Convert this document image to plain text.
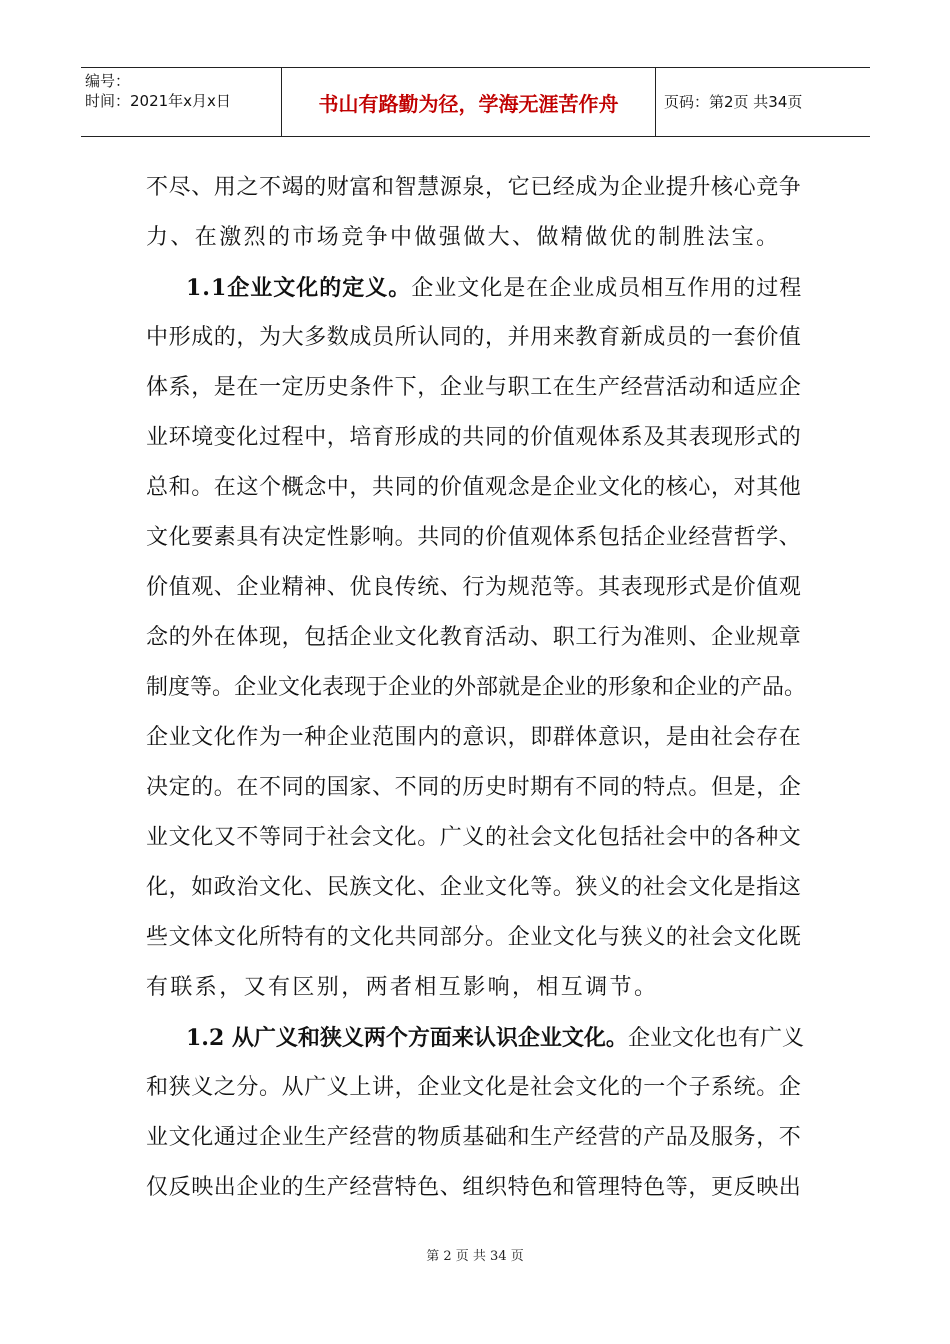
编号：
时间：2021年x月x日	书山有路勤为径，学海无涯苦作舟	页码：第2页 共34页
不尽、用之不竭的财富和智慧源泉，它已经成为企业提升核心竞争
力、在激烈的市场竞争中做强做大、做精做优的制胜法宝。
1.1企业文化的定义。企业文化是在企业成员相互作用的过程
中形成的，为大多数成员所认同的，并用来教育新成员的一套价值
体系，是在一定历史条件下，企业与职工在生产经营活动和适应企
业环境变化过程中，培育形成的共同的价值观体系及其表现形式的
总和。在这个概念中，共同的价值观念是企业文化的核心，对其他
文化要素具有决定性影响。共同的价值观体系包括企业经营哲学、
价值观、企业精神、优良传统、行为规范等。其表现形式是价值观
念的外在体现，包括企业文化教育活动、职工行为准则、企业规章
制度等。企业文化表现于企业的外部就是企业的形象和企业的产品。
企业文化作为一种企业范围内的意识，即群体意识，是由社会存在
决定的。在不同的国家、不同的历史时期有不同的特点。但是，企
业文化又不等同于社会文化。广义的社会文化包括社会中的各种文
化，如政治文化、民族文化、企业文化等。狭义的社会文化是指这
些文体文化所特有的文化共同部分。企业文化与狭义的社会文化既
有联系，又有区别，两者相互影响，相互调节。
1.2 从广义和狭义两个方面来认识企业文化。企业文化也有广义
和狭义之分。从广义上讲，企业文化是社会文化的一个子系统。企
业文化通过企业生产经营的物质基础和生产经营的产品及服务，不
仅反映出企业的生产经营特色、组织特色和管理特色等，更反映出
第 2 页 共 34 页
